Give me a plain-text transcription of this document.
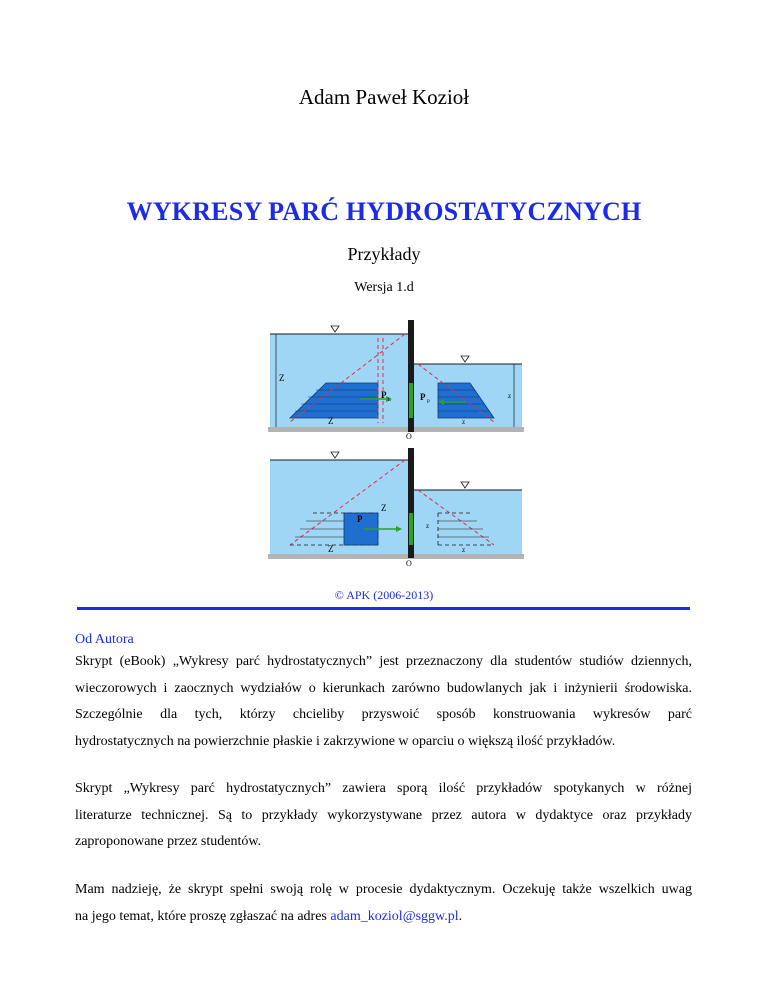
Adam Paweł Kozioł
WYKRESY PARĆ HYDROSTATYCZNYCH
Przykłady
Wersja 1.d
Z
Z
P
L	P
P
z
z
O
Z
Z
P
z
z
O
© APK (2006-2013)
Od Autora
Skrypt (eBook) „Wykresy parć hydrostatycznych” jest przeznaczony dla studentów studiów dziennych,
wieczorowych i zaocznych wydziałów o kierunkach zarówno budowlanych jak i inżynierii środowiska.
Szczególnie dla tych, którzy chcieliby przyswoić sposób konstruowania wykresów parć
hydrostatycznych na powierzchnie płaskie i zakrzywione w oparciu o większą ilość przykładów.
Skrypt „Wykresy parć hydrostatycznych” zawiera sporą ilość przykładów spotykanych w różnej
literaturze technicznej. Są to przykłady wykorzystywane przez autora w dydaktyce oraz przykłady
zaproponowane przez studentów.
Mam nadzieję, że skrypt spełni swoją rolę w procesie dydaktycznym. Oczekuję także wszelkich uwag
na jego temat, które proszę zgłaszać na adres adam_koziol@sggw.pl.
